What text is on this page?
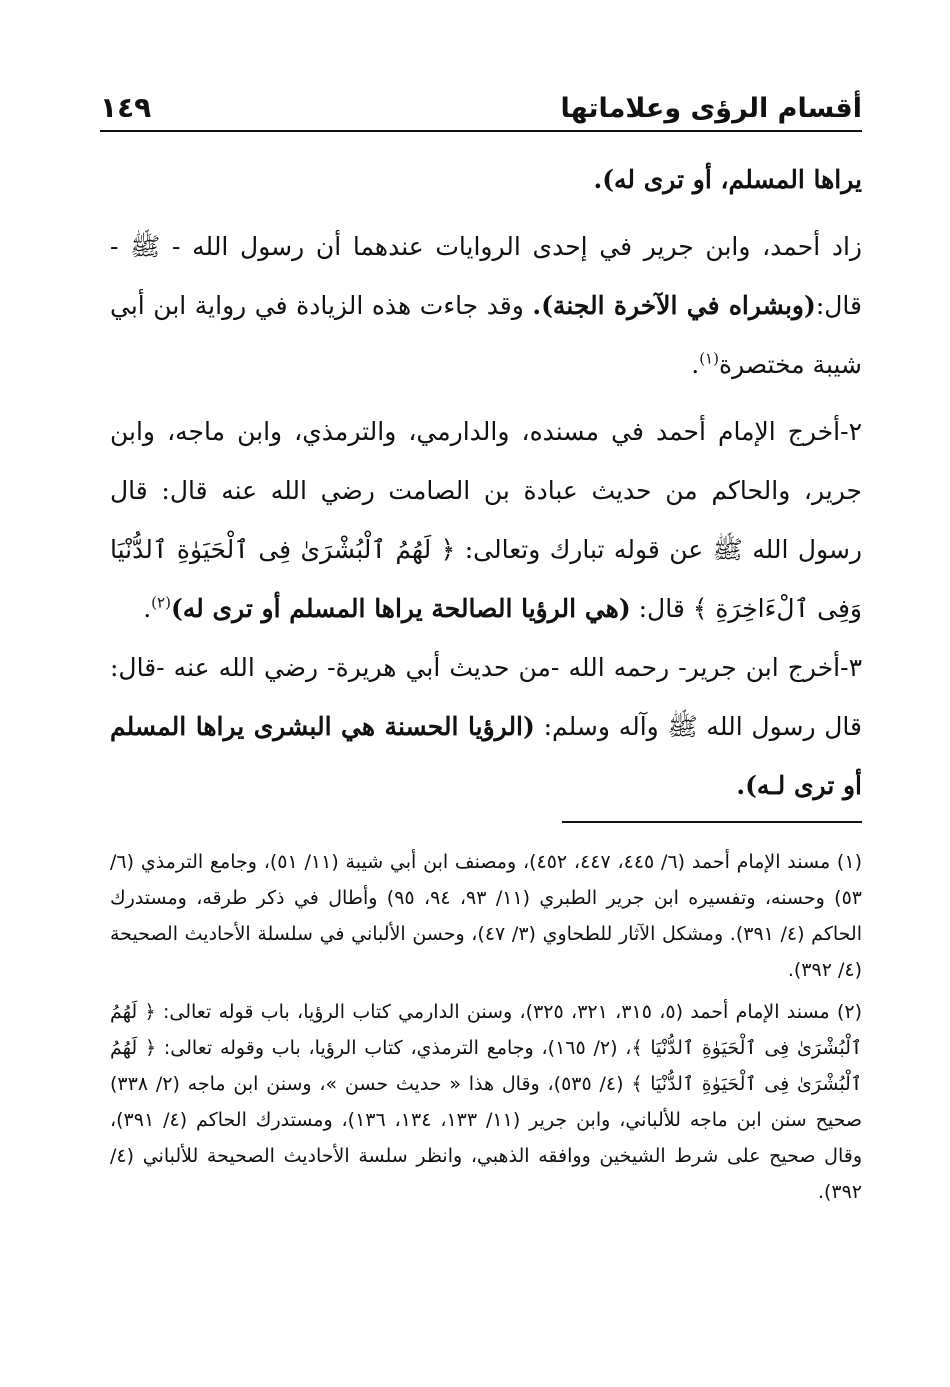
أقسام الرؤى وعلاماتها
١٤٩

يراها المسلم، أو ترى له).

زاد أحمد، وابن جرير في إحدى الروايات عندهما أن رسول الله - ﷺ - قال:(وبشراه في الآخرة الجنة). وقد جاءت هذه الزيادة في رواية ابن أبي شيبة مختصرة$^{(١)}$.

٢-أخرج الإمام أحمد في مسنده، والدارمي، والترمذي، وابن ماجه، وابن جرير، والحاكم من حديث عبادة بن الصامت رضي الله عنه قال: قال رسول الله ﷺ عن قوله تبارك وتعالى: ﴿ لَهُمُ ٱلْبُشْرَىٰ فِى ٱلْحَيَوٰةِ ٱلدُّنْيَا وَفِى ٱلْءَاخِرَةِ ﴾ قال: (هي الرؤيا الصالحة يراها المسلم أو ترى له)$^{(٢)}$.

٣-أخرج ابن جرير- رحمه الله -من حديث أبي هريرة- رضي الله عنه -قال: قال رسول الله ﷺ وآله وسلم: (الرؤيا الحسنة هي البشرى يراها المسلم أو ترى لـه).

(١) مسند الإمام أحمد (٦/ ٤٤٥، ٤٤٧، ٤٥٢)، ومصنف ابن أبي شيبة (١١/ ٥١)، وجامع الترمذي (٦/ ٥٣) وحسنه، وتفسيره ابن جرير الطبري (١١/ ٩٣، ٩٤، ٩٥) وأطال في ذكر طرقه، ومستدرك الحاكم (٤/ ٣٩١). ومشكل الآثار للطحاوي (٣/ ٤٧)، وحسن الألباني في سلسلة الأحاديث الصحيحة (٤/ ٣٩٢).

(٢) مسند الإمام أحمد (٥، ٣١٥، ٣٢١، ٣٢٥)، وسنن الدارمي كتاب الرؤيا، باب قوله تعالى: ﴿ لَهُمُ ٱلْبُشْرَىٰ فِى ٱلْحَيَوٰةِ ٱلدُّنْيَا ﴾، (٢/ ١٦٥)، وجامع الترمذي، كتاب الرؤيا، باب وقوله تعالى: ﴿ لَهُمُ ٱلْبُشْرَىٰ فِى ٱلْحَيَوٰةِ ٱلدُّنْيَا ﴾ (٤/ ٥٣٥)، وقال هذا « حديث حسن »، وسنن ابن ماجه (٢/ ٣٣٨) صحيح سنن ابن ماجه للألباني، وابن جرير (١١/ ١٣٣، ١٣٤، ١٣٦)، ومستدرك الحاكم (٤/ ٣٩١)، وقال صحيح على شرط الشيخين ووافقه الذهبي، وانظر سلسة الأحاديث الصحيحة للألباني (٤/ ٣٩٢).
